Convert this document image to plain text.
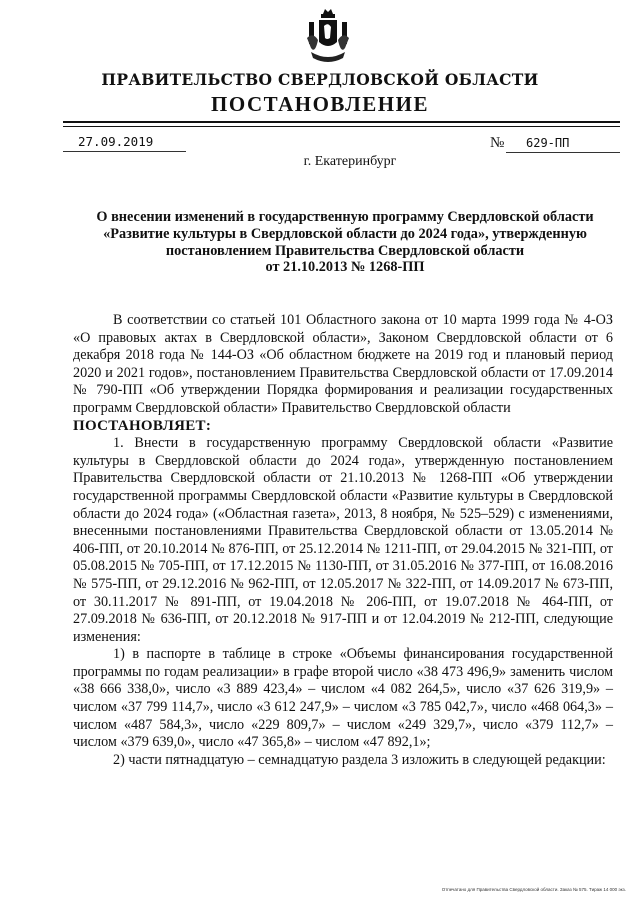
ПРАВИТЕЛЬСТВО СВЕРДЛОВСКОЙ ОБЛАСТИ
ПОСТАНОВЛЕНИЕ
27.09.2019	№ 629-ПП
г. Екатеринбург
О внесении изменений в государственную программу Свердловской области
«Развитие культуры в Свердловской области до 2024 года», утвержденную
постановлением Правительства Свердловской области
от 21.10.2013 № 1268-ПП

В соответствии со статьей 101 Областного закона от 10 марта 1999 года № 4-ОЗ «О правовых актах в Свердловской области», Законом Свердловской области от 6 декабря 2018 года № 144-ОЗ «Об областном бюджете на 2019 год и плановый период 2020 и 2021 годов», постановлением Правительства Свердловской области от 17.09.2014 № 790-ПП «Об утверждении Порядка формирования и реализации государственных программ Свердловской области» Правительство Свердловской области

ПОСТАНОВЛЯЕТ:

1. Внести в государственную программу Свердловской области «Развитие культуры в Свердловской области до 2024 года», утвержденную постановлением Правительства Свердловской области от 21.10.2013 № 1268-ПП «Об утверждении государственной программы Свердловской области «Развитие культуры в Свердловской области до 2024 года» («Областная газета», 2013, 8 ноября, № 525–529) с изменениями, внесенными постановлениями Правительства Свердловской области от 13.05.2014 № 406-ПП, от 20.10.2014 № 876-ПП, от 25.12.2014 № 1211-ПП, от 29.04.2015 № 321-ПП, от 05.08.2015 № 705-ПП, от 17.12.2015 № 1130-ПП, от 31.05.2016 № 377-ПП, от 16.08.2016 № 575-ПП, от 29.12.2016 № 962-ПП, от 12.05.2017 № 322-ПП, от 14.09.2017 № 673-ПП, от 30.11.2017 № 891-ПП, от 19.04.2018 № 206-ПП, от 19.07.2018 № 464-ПП, от 27.09.2018 № 636-ПП, от 20.12.2018 № 917-ПП и от 12.04.2019 № 212-ПП, следующие изменения:

1) в паспорте в таблице в строке «Объемы финансирования государственной программы по годам реализации» в графе второй число «38 473 496,9» заменить числом «38 666 338,0», число «3 889 423,4» – числом «4 082 264,5», число «37 626 319,9» – числом «37 799 114,7», число «3 612 247,9» – числом «3 785 042,7», число «468 064,3» – числом «487 584,3», число «229 809,7» – числом «249 329,7», число «379 112,7» – числом «379 639,0», число «47 365,8» – числом «47 892,1»;

2) части пятнадцатую – семнадцатую раздела 3 изложить в следующей редакции:

Отпечатано для Правительства Свердловской области. Заказ № 575. Тираж 14 000 экз.
